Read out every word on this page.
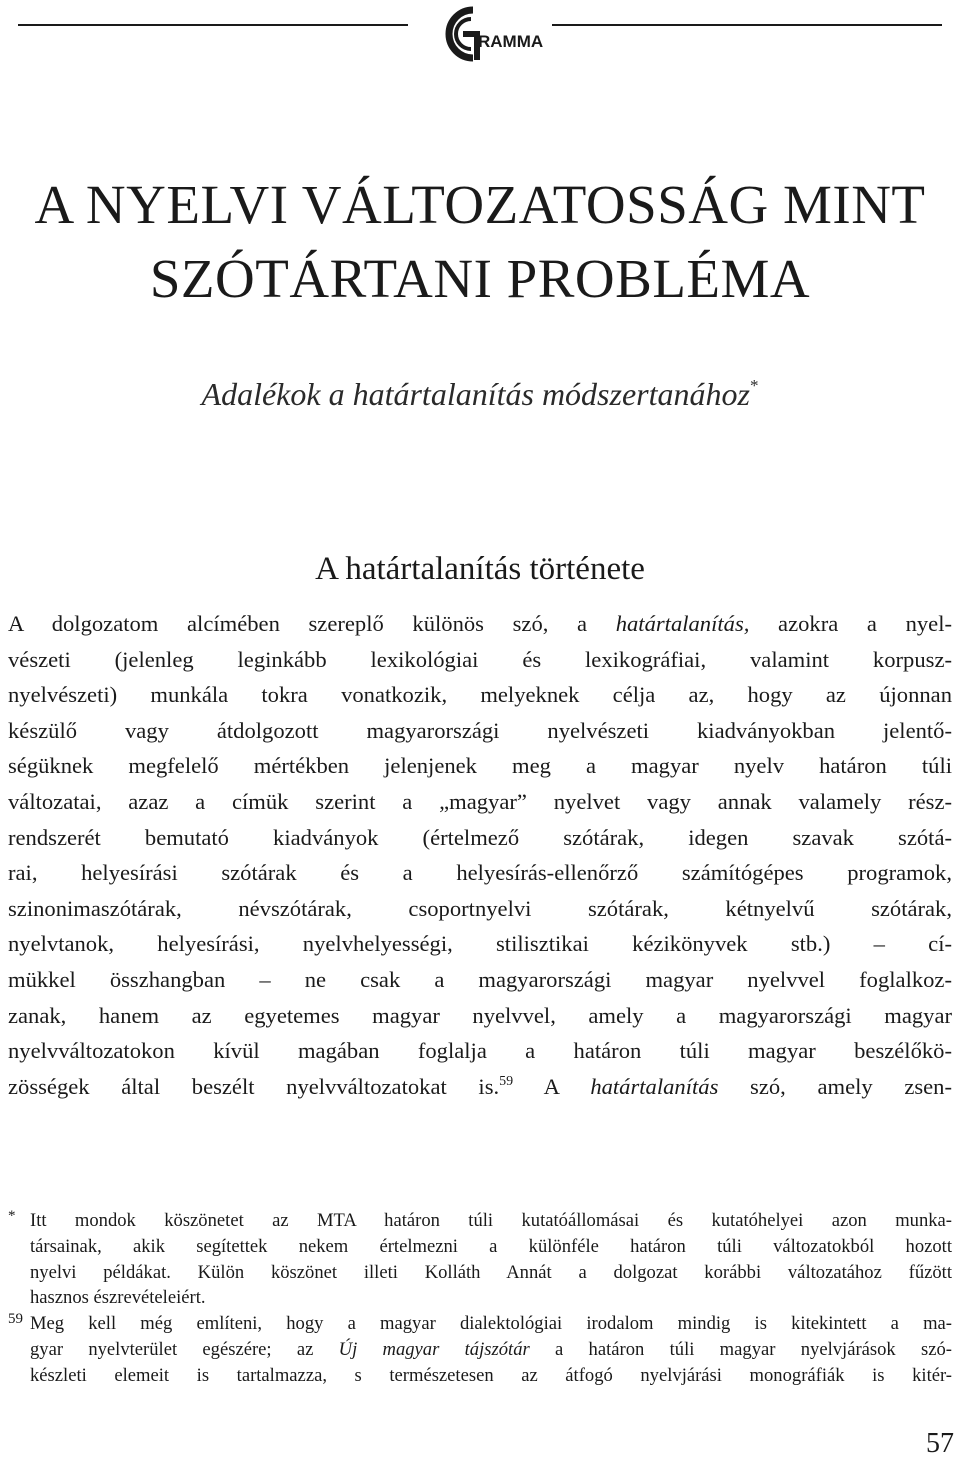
RAMMA
A NYELVI VÁLTOZATOSSÁG MINT
SZÓTÁRTANI PROBLÉMA
Adalékok a határtalanítás módszertanához*
A határtalanítás története
A dolgozatom alcímében szereplő különös szó, a határtalanítás, azokra a nyel-
vészeti (jelenleg leginkább lexikológiai és lexikográfiai, valamint korpusz-
nyelvészeti) munkála tokra vonatkozik, melyeknek célja az, hogy az újonnan
készülő vagy átdolgozott magyarországi nyelvészeti kiadványokban jelentő-
ségüknek megfelelő mértékben jelenjenek meg a magyar nyelv határon túli
változatai, azaz a címük szerint a „magyar” nyelvet vagy annak valamely rész-
rendszerét bemutató kiadványok (értelmező szótárak, idegen szavak szótá-
rai, helyesírási szótárak és a helyesírás-ellenőrző számítógépes programok,
szinonimaszótárak, névszótárak, csoportnyelvi szótárak, kétnyelvű szótárak,
nyelvtanok, helyesírási, nyelvhelyességi, stilisztikai kézikönyvek stb.) – cí-
mükkel összhangban – ne csak a magyarországi magyar nyelvvel foglalkoz-
zanak, hanem az egyetemes magyar nyelvvel, amely a magyarországi magyar
nyelvváltozatokon kívül magában foglalja a határon túli magyar beszélőkö-
zösségek által beszélt nyelvváltozatokat is.$^{59}$ A határtalanítás szó, amely zsen-
* Itt mondok köszönetet az MTA határon túli kutatóállomásai és kutatóhelyei azon munka-
társainak, akik segítettek nekem értelmezni a különféle határon túli változatokból hozott
nyelvi példákat. Külön köszönet illeti Kolláth Annát a dolgozat korábbi változatához fűzött
hasznos észrevételeiért.
59 Meg kell még említeni, hogy a magyar dialektológiai irodalom mindig is kitekintett a ma-
gyar nyelvterület egészére; az Új magyar tájszótár a határon túli magyar nyelvjárások szó-
készleti elemeit is tartalmazza, s természetesen az átfogó nyelvjárási monográfiák is kitér-
57
